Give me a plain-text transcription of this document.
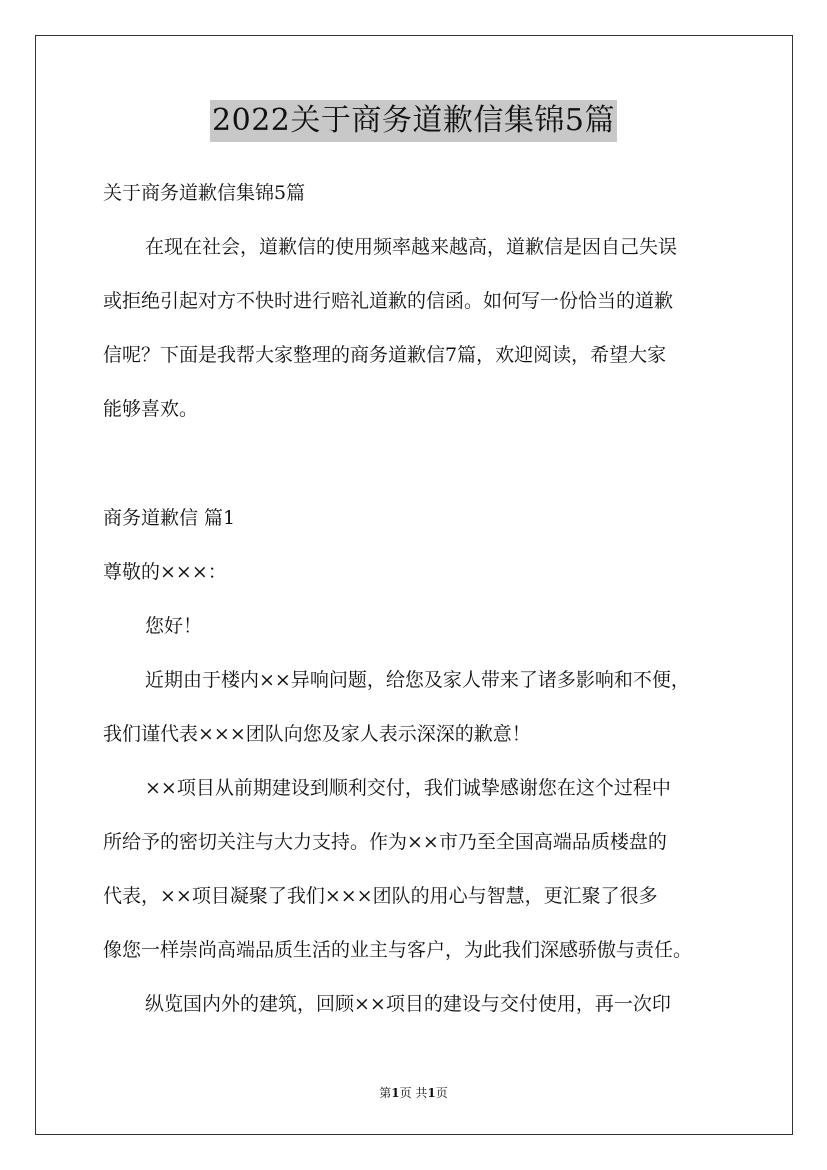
2022关于商务道歉信集锦5篇
关于商务道歉信集锦5篇
在现在社会，道歉信的使用频率越来越高，道歉信是因自己失误
或拒绝引起对方不快时进行赔礼道歉的信函。如何写一份恰当的道歉
信呢？下面是我帮大家整理的商务道歉信7篇，欢迎阅读，希望大家
能够喜欢。
商务道歉信 篇1
尊敬的×××：
您好！
近期由于楼内××异响问题，给您及家人带来了诸多影响和不便，
我们谨代表×××团队向您及家人表示深深的歉意！
××项目从前期建设到顺利交付，我们诚挚感谢您在这个过程中
所给予的密切关注与大力支持。作为××市乃至全国高端品质楼盘的
代表，××项目凝聚了我们×××团队的用心与智慧，更汇聚了很多
像您一样崇尚高端品质生活的业主与客户，为此我们深感骄傲与责任。
纵览国内外的建筑，回顾××项目的建设与交付使用，再一次印
第1页 共1页
